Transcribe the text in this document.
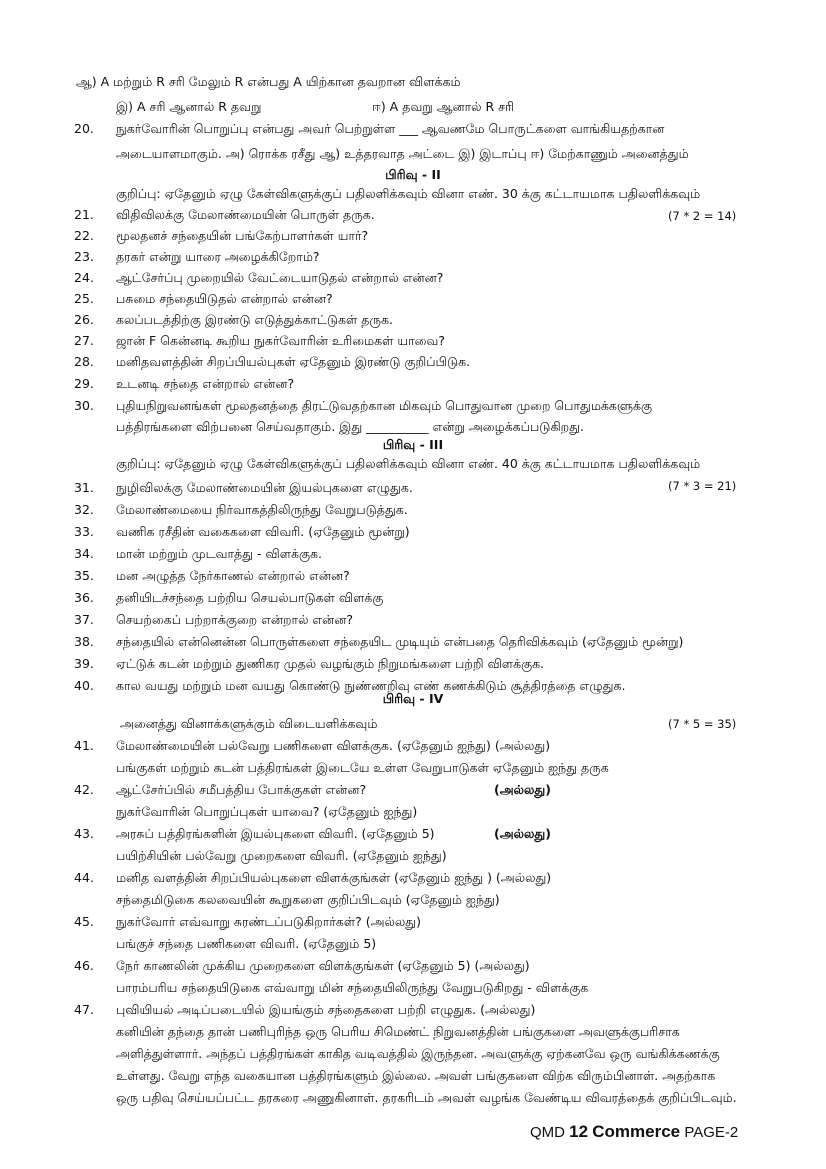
ஆ) A மற்றும் R சரி மேலும் R என்பது A யிற்கான தவறான விளக்கம்
இ) A சரி ஆனால் R தவறு	ஈ) A தவறு ஆனால் R சரி
20.	நுகர்வோரின் பொறுப்பு என்பது அவர் பெற்றுள்ள ___ ஆவணமே பொருட்களை வாங்கியதற்கான
அடையாளமாகும். அ) ரொக்க ரசீது ஆ) உத்தரவாத அட்டை இ) இடாப்பு ஈ) மேற்காணும் அனைத்தும்
பிரிவு - II
குறிப்பு: ஏதேனும் ஏழு கேள்விகளுக்குப் பதிலளிக்கவும் வினா எண். 30 க்கு கட்டாயமாக பதிலளிக்கவும்
(7 * 2 = 14)
21.	விதிவிலக்கு மேலாண்மையின் பொருள் தருக.
22.	மூலதனச் சந்தையின் பங்கேற்பாளர்கள் யார்?
23.	தரகர் என்று யாரை அழைக்கிறோம்?
24.	ஆட்சேர்ப்பு முறையில் வேட்டையாடுதல் என்றால் என்ன?
25.	பசுமை சந்தையிடுதல் என்றால் என்ன?
26.	கலப்படத்திற்கு இரண்டு எடுத்துக்காட்டுகள் தருக.
27.	ஜான் F கென்னடி கூறிய நுகர்வோரின் உரிமைகள் யாவை?
28.	மனிதவளத்தின் சிறப்பியல்புகள் ஏதேனும் இரண்டு குறிப்பிடுக.
29.	உடனடி சந்தை என்றால் என்ன?
30.	புதியநிறுவனங்கள் மூலதனத்தை திரட்டுவதற்கான மிகவும் பொதுவான முறை பொதுமக்களுக்கு
பத்திரங்களை விற்பனை செய்வதாகும். இது __________ என்று அழைக்கப்படுகிறது.
பிரிவு - III
குறிப்பு: ஏதேனும் ஏழு கேள்விகளுக்குப் பதிலளிக்கவும் வினா எண். 40 க்கு கட்டாயமாக பதிலளிக்கவும்
(7 * 3 = 21)
31.	நுழிவிலக்கு மேலாண்மையின் இயல்புகளை எழுதுக.
32.	மேலாண்மையை நிர்வாகத்திலிருந்து வேறுபடுத்துக.
33.	வணிக ரசீதின் வகைகளை விவரி. (ஏதேனும் மூன்று)
34.	மான் மற்றும் முடவாத்து - விளக்குக.
35.	மன அழுத்த நேர்காணல் என்றால் என்ன?
36.	தனியிடச்சந்தை பற்றிய செயல்பாடுகள் விளக்கு
37.	செயற்கைப் பற்றாக்குறை என்றால் என்ன?
38.	சந்தையில் என்னென்ன பொருள்களை சந்தையிட முடியும் என்பதை தெரிவிக்கவும் (ஏதேனும் மூன்று)
39.	ஏட்டுக் கடன் மற்றும் துணிகர முதல் வழங்கும் நிறுமங்களை பற்றி விளக்குக.
40.	கால வயது மற்றும் மன வயது கொண்டு நுண்ணறிவு எண் கணக்கிடும் சூத்திரத்தை எழுதுக.
பிரிவு - IV
அனைத்து வினாக்களுக்கும் விடையளிக்கவும்	(7 * 5 = 35)
41.	மேலாண்மையின் பல்வேறு பணிகளை விளக்குக. (ஏதேனும் ஐந்து) (அல்லது)
பங்குகள் மற்றும் கடன் பத்திரங்கள் இடையே உள்ள வேறுபாடுகள் ஏதேனும் ஐந்து தருக
42.	ஆட்சேர்ப்பில் சமீபத்திய போக்குகள் என்ன?	(அல்லது)
நுகர்வோரின் பொறுப்புகள் யாவை? (ஏதேனும் ஐந்து)
43.	அரசுப் பத்திரங்களின் இயல்புகளை விவரி. (ஏதேனும் 5)	(அல்லது)
பயிற்சியின் பல்வேறு முறைகளை விவரி. (ஏதேனும் ஐந்து)
44.	மனித வளத்தின் சிறப்பியல்புகளை விளக்குங்கள் (ஏதேனும் ஐந்து ) (அல்லது)
சந்தைமிடுகை கலவையின் கூறுகளை குறிப்பிடவும் (ஏதேனும் ஐந்து)
45.	நுகர்வோர் எவ்வாறு சுரண்டப்படுகிறார்கள்? (அல்லது)
பங்குச் சந்தை பணிகளை விவரி. (ஏதேனும் 5)
46.	நேர் காணலின் முக்கிய முறைகளை விளக்குங்கள் (ஏதேனும் 5) (அல்லது)
பாரம்பரிய சந்தையிடுகை எவ்வாறு மின் சந்தையிலிருந்து வேறுபடுகிறது - விளக்குக
47.	புவியியல் அடிப்படையில் இயங்கும் சந்தைகளை பற்றி எழுதுக. (அல்லது)
கனியின் தந்தை தான் பணிபுரிந்த ஒரு பெரிய சிமெண்ட் நிறுவனத்தின் பங்குகளை அவளுக்குபரிசாக
அளித்துள்ளார். அந்தப் பத்திரங்கள் காகித வடிவத்தில் இருந்தன. அவளுக்கு ஏற்கனவே ஒரு வங்கிக்கணக்கு
உள்ளது. வேறு எந்த வகையான பத்திரங்களும் இல்லை. அவள் பங்குகளை விற்க விரும்பினாள். அதற்காக
ஒரு பதிவு செய்யப்பட்ட தரகரை அணுகினாள். தரகரிடம் அவள் வழங்க வேண்டிய விவரத்தைக் குறிப்பிடவும்.
QMD 12 Commerce PAGE-2
